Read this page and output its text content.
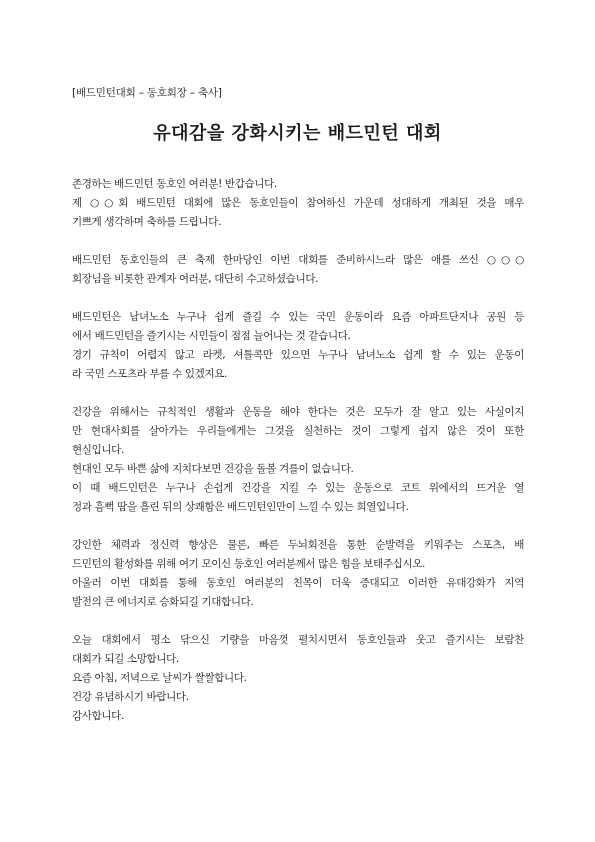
[배드민턴대회 – 동호회장 – 축사]
유대감을 강화시키는 배드민턴 대회
존경하는 배드민턴 동호인 여러분! 반갑습니다.
제 ○○회 배드민턴 대회에 많은 동호인들이 참여하신 가운데 성대하게 개최된 것을 매우
기쁘게 생각하며 축하를 드립니다.
배드민턴 동호인들의 큰 축제 한마당인 이번 대회를 준비하시느라 많은 애를 쓰신 ○○○
회장님을 비롯한 관계자 여러분, 대단히 수고하셨습니다.
배드민턴은 남녀노소 누구나 쉽게 즐길 수 있는 국민 운동이라 요즘 아파트단지나 공원 등
에서 배드민턴을 즐기시는 시민들이 점점 늘어나는 것 같습니다.
경기 규칙이 어렵지 않고 라켓, 셔틀콕만 있으면 누구나 남녀노소 쉽게 할 수 있는 운동이
라 국민 스포츠라 부를 수 있겠지요.
건강을 위해서는 규칙적인 생활과 운동을 해야 한다는 것은 모두가 잘 알고 있는 사실이지
만 현대사회를 살아가는 우리들에게는 그것을 실천하는 것이 그렇게 쉽지 않은 것이 또한
현실입니다.
현대인 모두 바쁜 삶에 지치다보면 건강을 돌볼 겨를이 없습니다.
이 때 배드민턴은 누구나 손쉽게 건강을 지킬 수 있는 운동으로 코트 위에서의 뜨거운 열
정과 흠뻑 땀을 흘린 뒤의 상쾌함은 배드민턴인만이 느낄 수 있는 희열입니다.
강인한 체력과 정신력 향상은 물론, 빠른 두뇌회전을 통한 순발력을 키워주는 스포츠, 배
드민턴의 활성화를 위해 여기 모이신 동호인 여러분께서 많은 힘을 보태주십시오.
아울러 이번 대회를 통해 동호인 여러분의 친목이 더욱 증대되고 이러한 유대강화가 지역
발전의 큰 에너지로 승화되길 기대합니다.
오늘 대회에서 평소 닦으신 기량을 마음껏 펼치시면서 동호인들과 웃고 즐기시는 보람찬
대회가 되길 소망합니다.
요즘 아침, 저녁으로 날씨가 쌀쌀합니다.
건강 유념하시기 바랍니다.
감사합니다.
